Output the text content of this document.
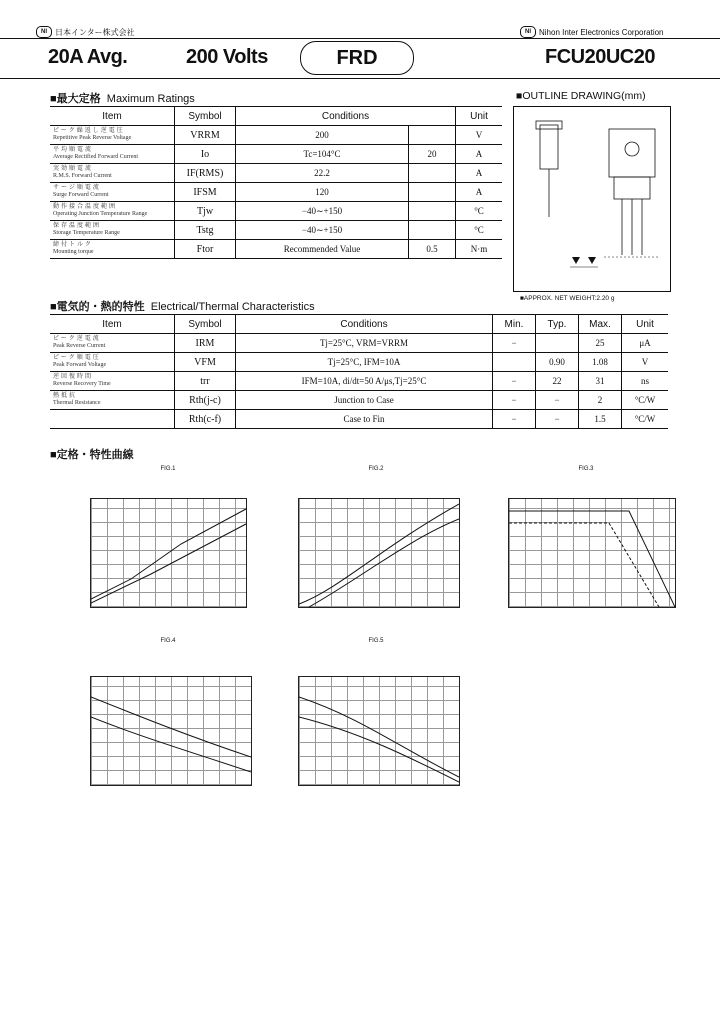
NI	日本インター株式会社	NI	Nihon Inter Electronics Corporation
20A Avg.	200 Volts	FRD	FCU20UC20
■最大定格 Maximum Ratings
Item	Symbol	Conditions		Unit

ピーク繰返し逆電圧
Repetitive Peak Reverse Voltage	VRRM	200		V

平均順電流
Average Rectified Forward Current	Io	Tc=104°C	20	A

実効順電流
R.M.S. Forward Current	IF(RMS)	22.2		A

サージ順電流
Surge Forward Current	IFSM	120		A

動作接合温度範囲
Operating Junction Temperature Range	Tjw	−40∼+150		°C

保存温度範囲
Storage Temperature Range	Tstg	−40∼+150		°C

締付トルク
Mounting torque	Ftor	Recommended Value	0.5	N·m
■OUTLINE DRAWING(mm)
■APPROX. NET WEIGHT:2.20 g
■電気的・熱的特性 Electrical/Thermal Characteristics
Item	Symbol	Conditions	Min.	Typ.	Max.	Unit

ピーク逆電流
Peak Reverse Current	IRM	Tj=25°C, VRM=VRRM	−		25	μA

ピーク順電圧
Peak Forward Voltage	VFM	Tj=25°C, IFM=10A		0.90	1.08	V

逆回復時間
Reverse Recovery Time	trr	IFM=10A, di/dt=50 A/μs,Tj=25°C	−	22	31	ns

熱抵抗
Thermal Resistance	Rth(j-c)	Junction to Case	−	−	2	°C/W

	Rth(c-f)	Case to Fin	−	−	1.5	°C/W
■定格・特性曲線
FIG.1	FIG.2	FIG.3
FIG.4	FIG.5
